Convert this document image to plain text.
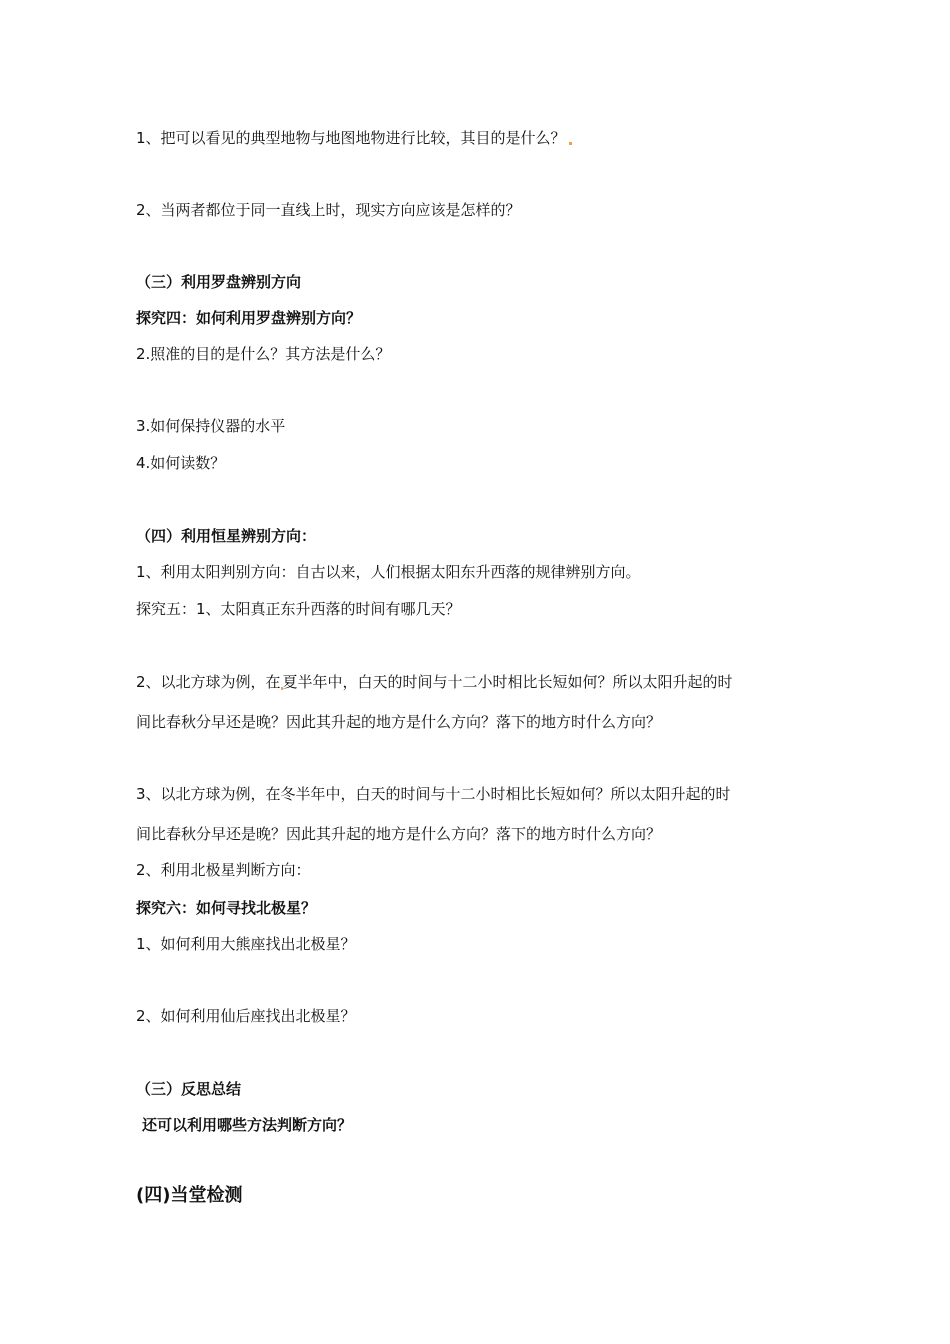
1、把可以看见的典型地物与地图地物进行比较，其目的是什么？
2、当两者都位于同一直线上时，现实方向应该是怎样的？
（三）利用罗盘辨别方向
探究四：如何利用罗盘辨别方向？
2.照准的目的是什么？其方法是什么？
3.如何保持仪器的水平
4.如何读数？
（四）利用恒星辨别方向：
1、利用太阳判别方向：自古以来，人们根据太阳东升西落的规律辨别方向。
探究五：1、太阳真正东升西落的时间有哪几天？
2、以北方球为例，在 夏半年中，白天的时间与十二小时相比长短如何？所以太阳升起的时
间比春秋分早还是晚？因此其升起的地方是什么方向？落下的地方时什么方向？
3、以北方球为例，在冬半年中，白天的时间与十二小时相比长短如何？所以太阳升起的时
间比春秋分早还是晚？因此其升起的地方是什么方向？落下的地方时什么方向？
2、利用北极星判断方向：
探究六：如何寻找北极星？
1、如何利用大熊座找出北极星？
2、如何利用仙后座找出北极星？
（三）反思总结
还可以利用哪些方法判断方向？
(四)当堂检测
